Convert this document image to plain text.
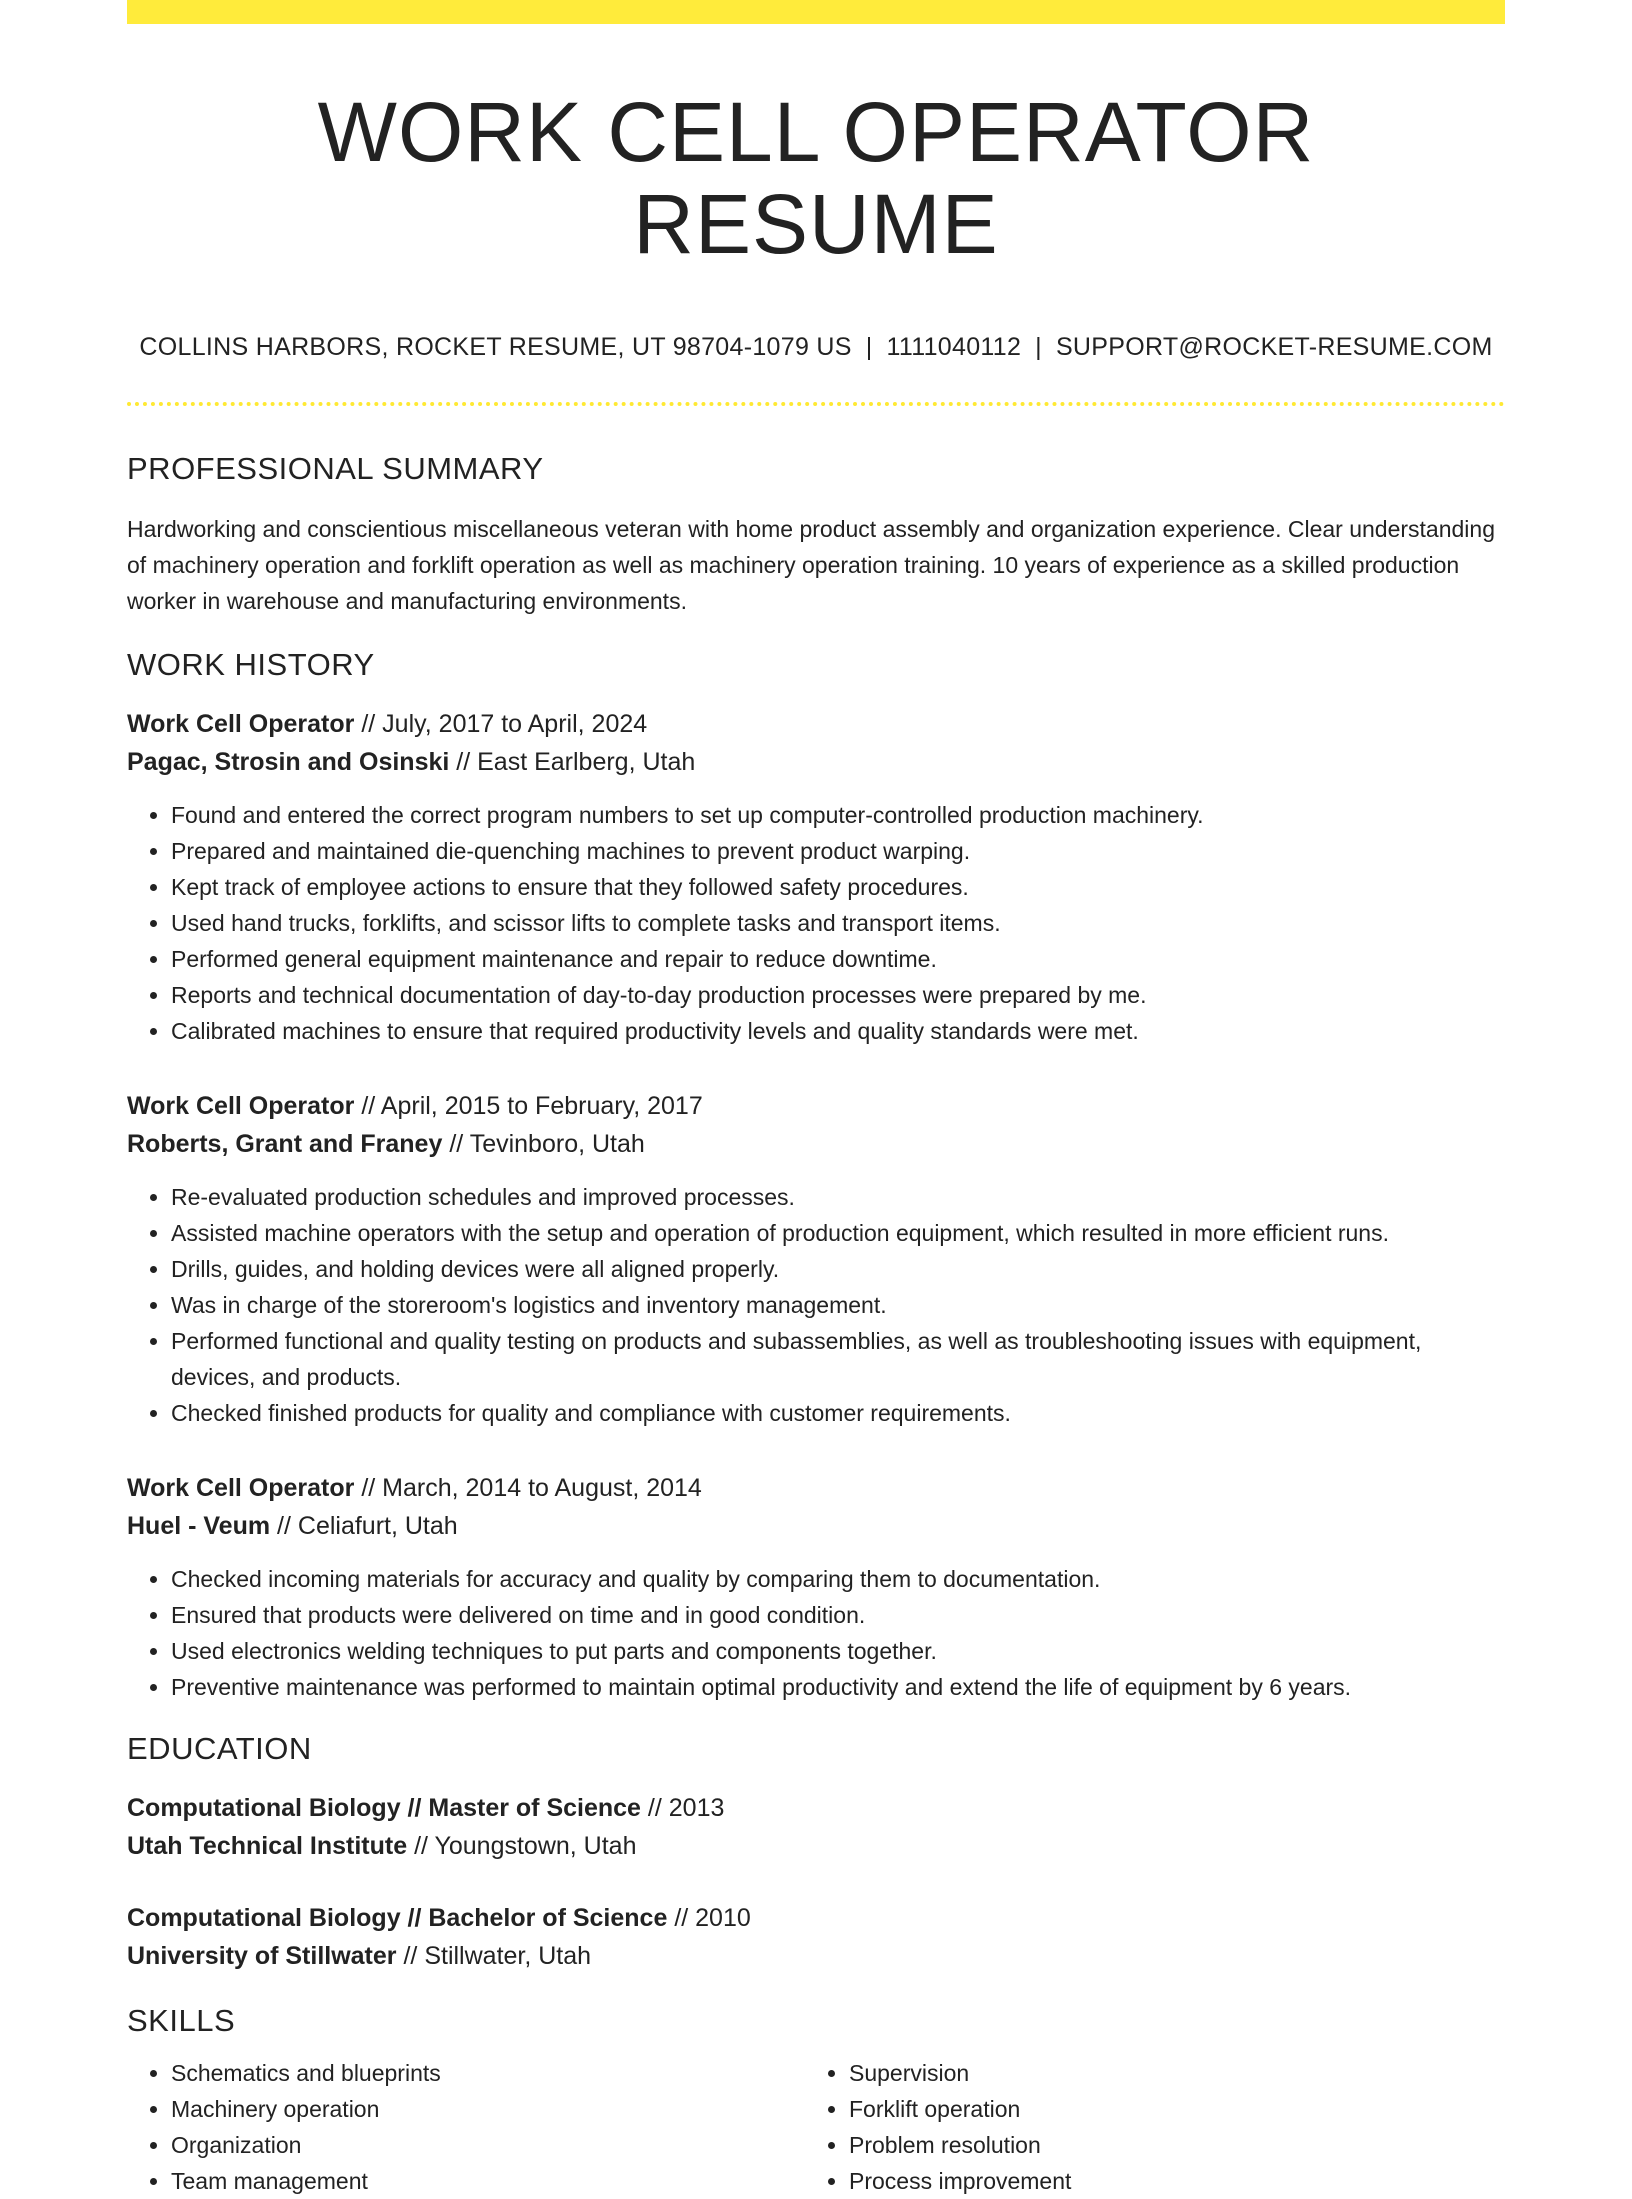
WORK CELL OPERATOR RESUME
COLLINS HARBORS, ROCKET RESUME, UT 98704-1079 US | 1111040112 | SUPPORT@ROCKET-RESUME.COM
PROFESSIONAL SUMMARY
Hardworking and conscientious miscellaneous veteran with home product assembly and organization experience. Clear understanding of machinery operation and forklift operation as well as machinery operation training. 10 years of experience as a skilled production worker in warehouse and manufacturing environments.
WORK HISTORY
Work Cell Operator // July, 2017 to April, 2024
Pagac, Strosin and Osinski // East Earlberg, Utah
• Found and entered the correct program numbers to set up computer-controlled production machinery.
• Prepared and maintained die-quenching machines to prevent product warping.
• Kept track of employee actions to ensure that they followed safety procedures.
• Used hand trucks, forklifts, and scissor lifts to complete tasks and transport items.
• Performed general equipment maintenance and repair to reduce downtime.
• Reports and technical documentation of day-to-day production processes were prepared by me.
• Calibrated machines to ensure that required productivity levels and quality standards were met.
Work Cell Operator // April, 2015 to February, 2017
Roberts, Grant and Franey // Tevinboro, Utah
• Re-evaluated production schedules and improved processes.
• Assisted machine operators with the setup and operation of production equipment, which resulted in more efficient runs.
• Drills, guides, and holding devices were all aligned properly.
• Was in charge of the storeroom's logistics and inventory management.
• Performed functional and quality testing on products and subassemblies, as well as troubleshooting issues with equipment, devices, and products.
• Checked finished products for quality and compliance with customer requirements.
Work Cell Operator // March, 2014 to August, 2014
Huel - Veum // Celiafurt, Utah
• Checked incoming materials for accuracy and quality by comparing them to documentation.
• Ensured that products were delivered on time and in good condition.
• Used electronics welding techniques to put parts and components together.
• Preventive maintenance was performed to maintain optimal productivity and extend the life of equipment by 6 years.
EDUCATION
Computational Biology // Master of Science // 2013
Utah Technical Institute // Youngstown, Utah
Computational Biology // Bachelor of Science // 2010
University of Stillwater // Stillwater, Utah
SKILLS
• Schematics and blueprints
• Machinery operation
• Organization
• Team management
• Supervision
• Forklift operation
• Problem resolution
• Process improvement
